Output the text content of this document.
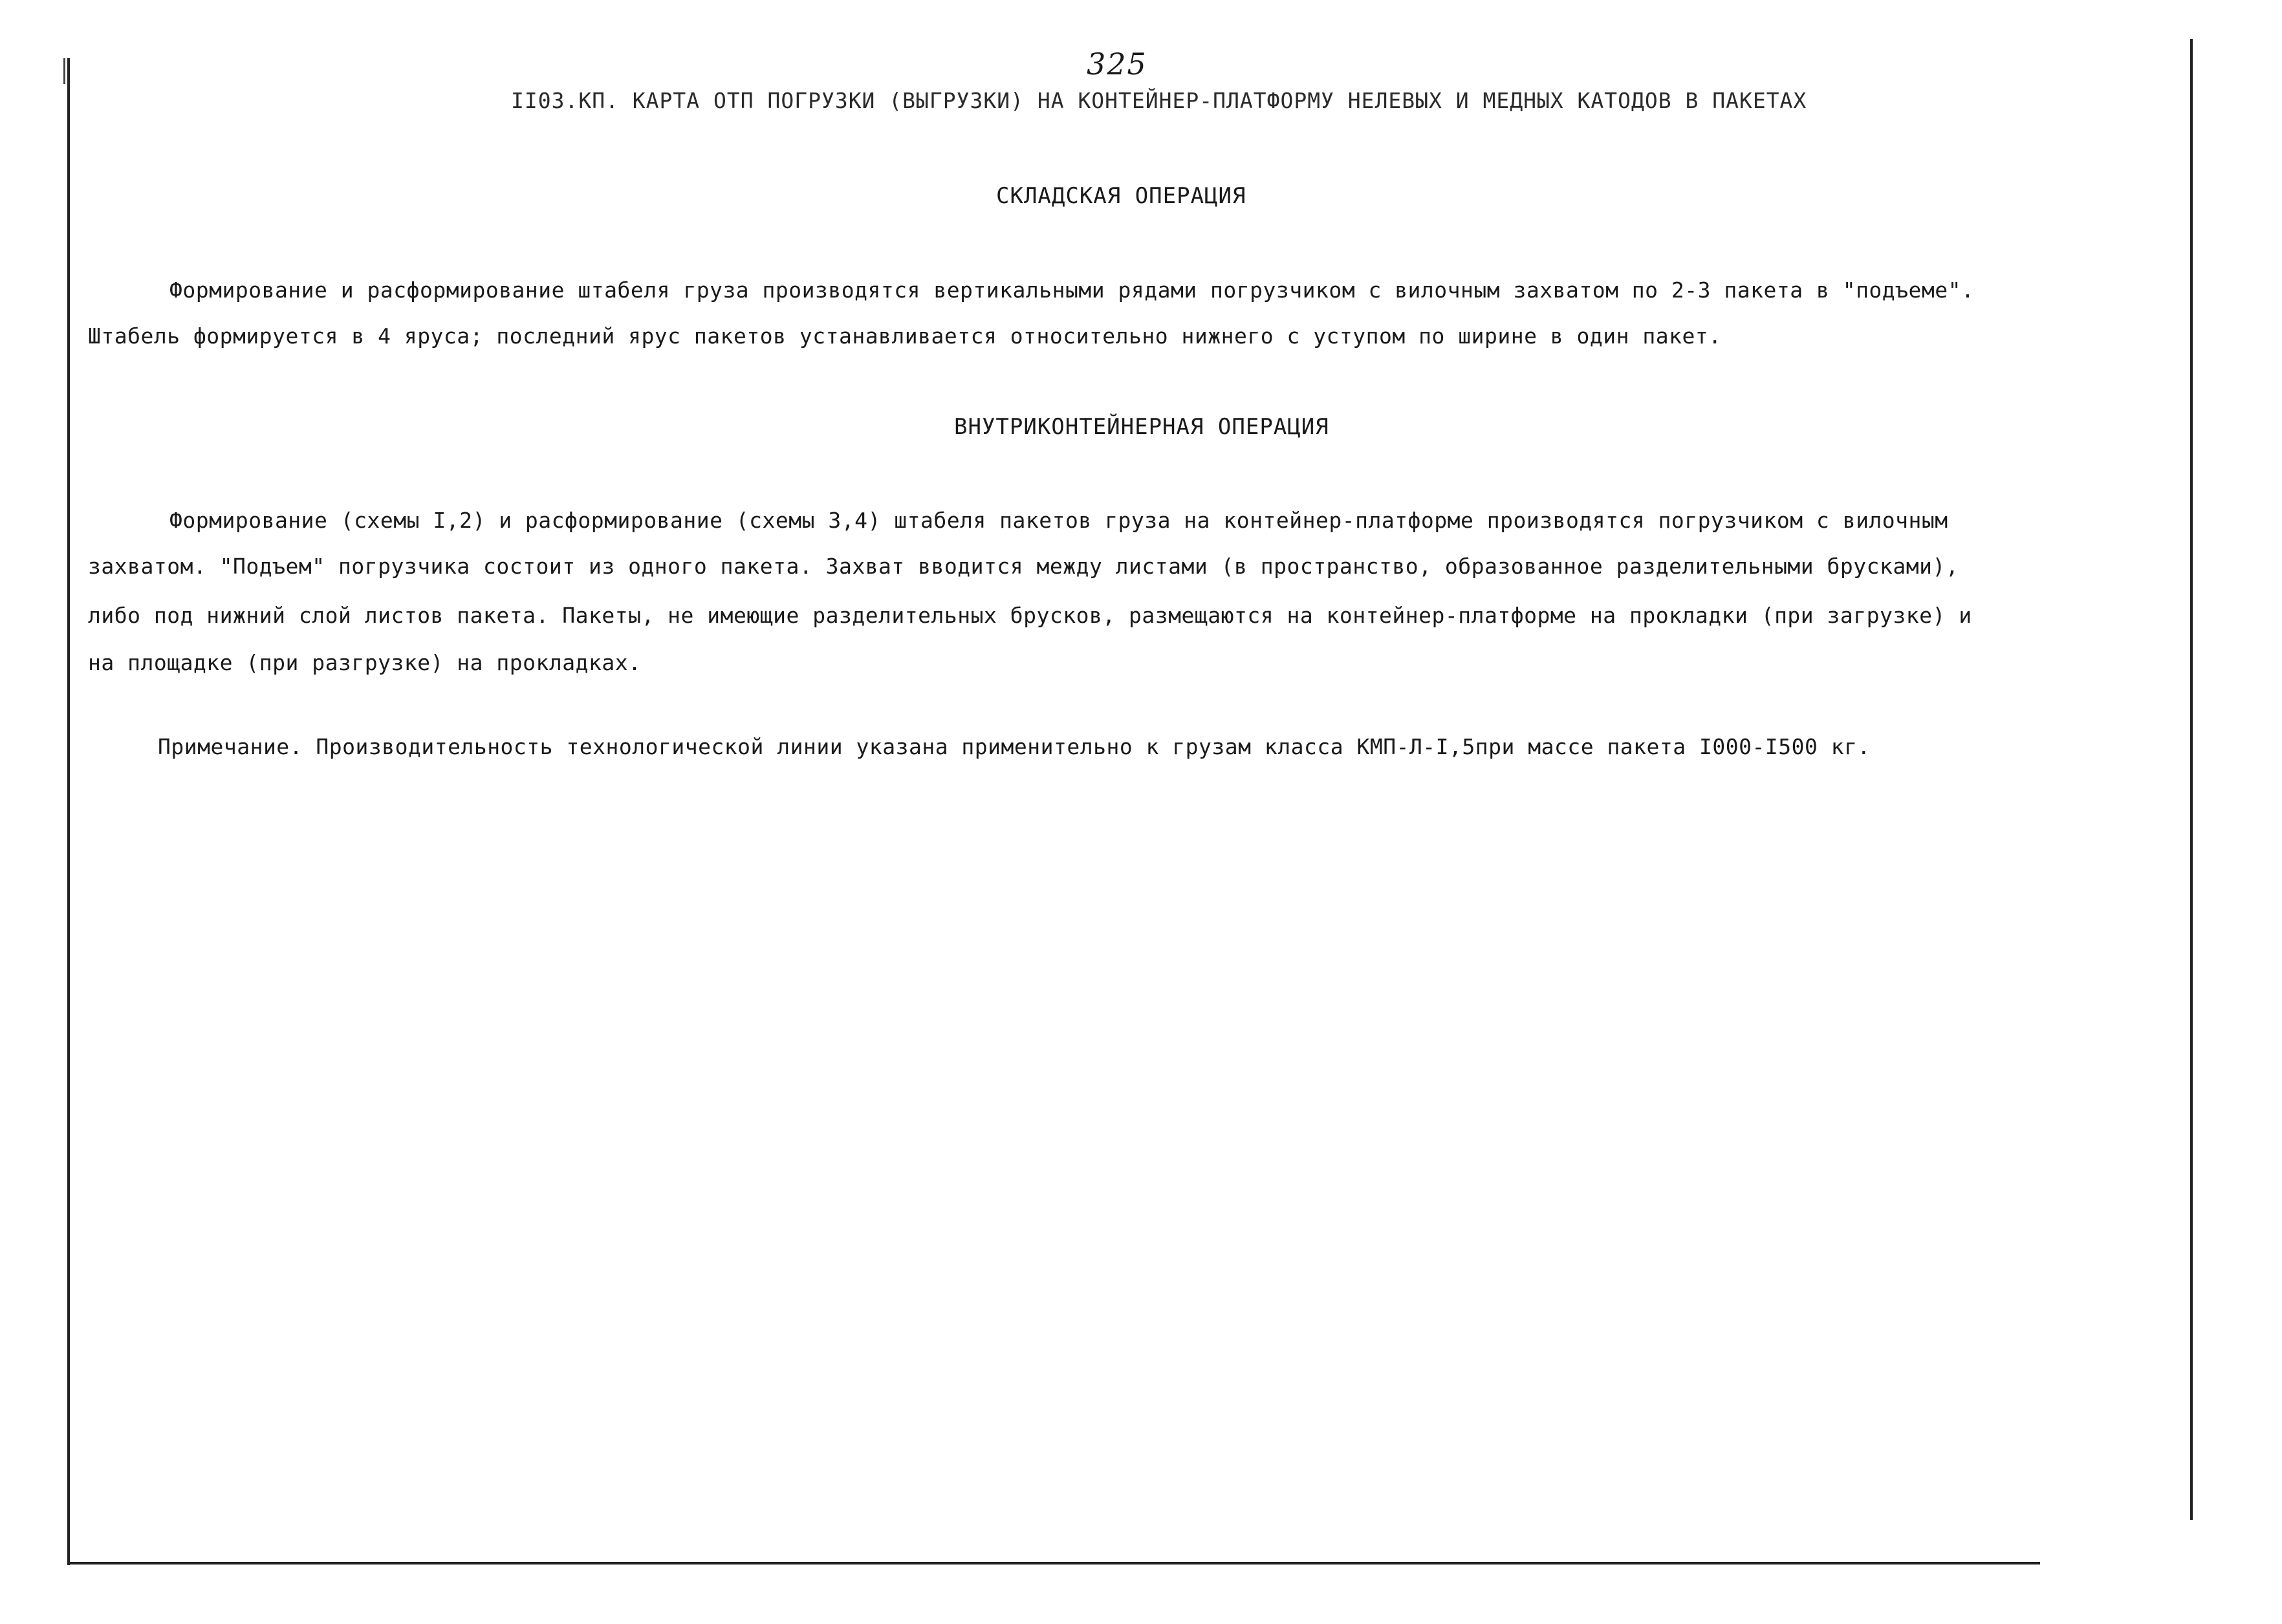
325
II03.КП. КАРТА ОТП ПОГРУЗКИ (ВЫГРУЗКИ) НА КОНТЕЙНЕР-ПЛАТФОРМУ НЕЛЕВЫХ И МЕДНЫХ КАТОДОВ В ПАКЕТАХ
СКЛАДСКАЯ ОПЕРАЦИЯ
Формирование и расформирование штабеля груза производятся вертикальными рядами погрузчиком с вилочным захватом по 2-3 пакета в "подъеме".
Штабель формируется в 4 яруса; последний ярус пакетов устанавливается относительно нижнего с уступом по ширине в один пакет.
ВНУТРИКОНТЕЙНЕРНАЯ ОПЕРАЦИЯ
Формирование (схемы I,2) и расформирование (схемы 3,4) штабеля пакетов груза на контейнер-платформе производятся погрузчиком с вилочным
захватом. "Подъем" погрузчика состоит из одного пакета. Захват вводится между листами (в пространство, образованное разделительными брусками),
либо под нижний слой листов пакета. Пакеты, не имеющие разделительных брусков, размещаются на контейнер-платформе на прокладки (при загрузке) и
на площадке (при разгрузке) на прокладках.
Примечание. Производительность технологической линии указана применительно к грузам класса КМП-Л-I,5при массе пакета I000-I500 кг.
